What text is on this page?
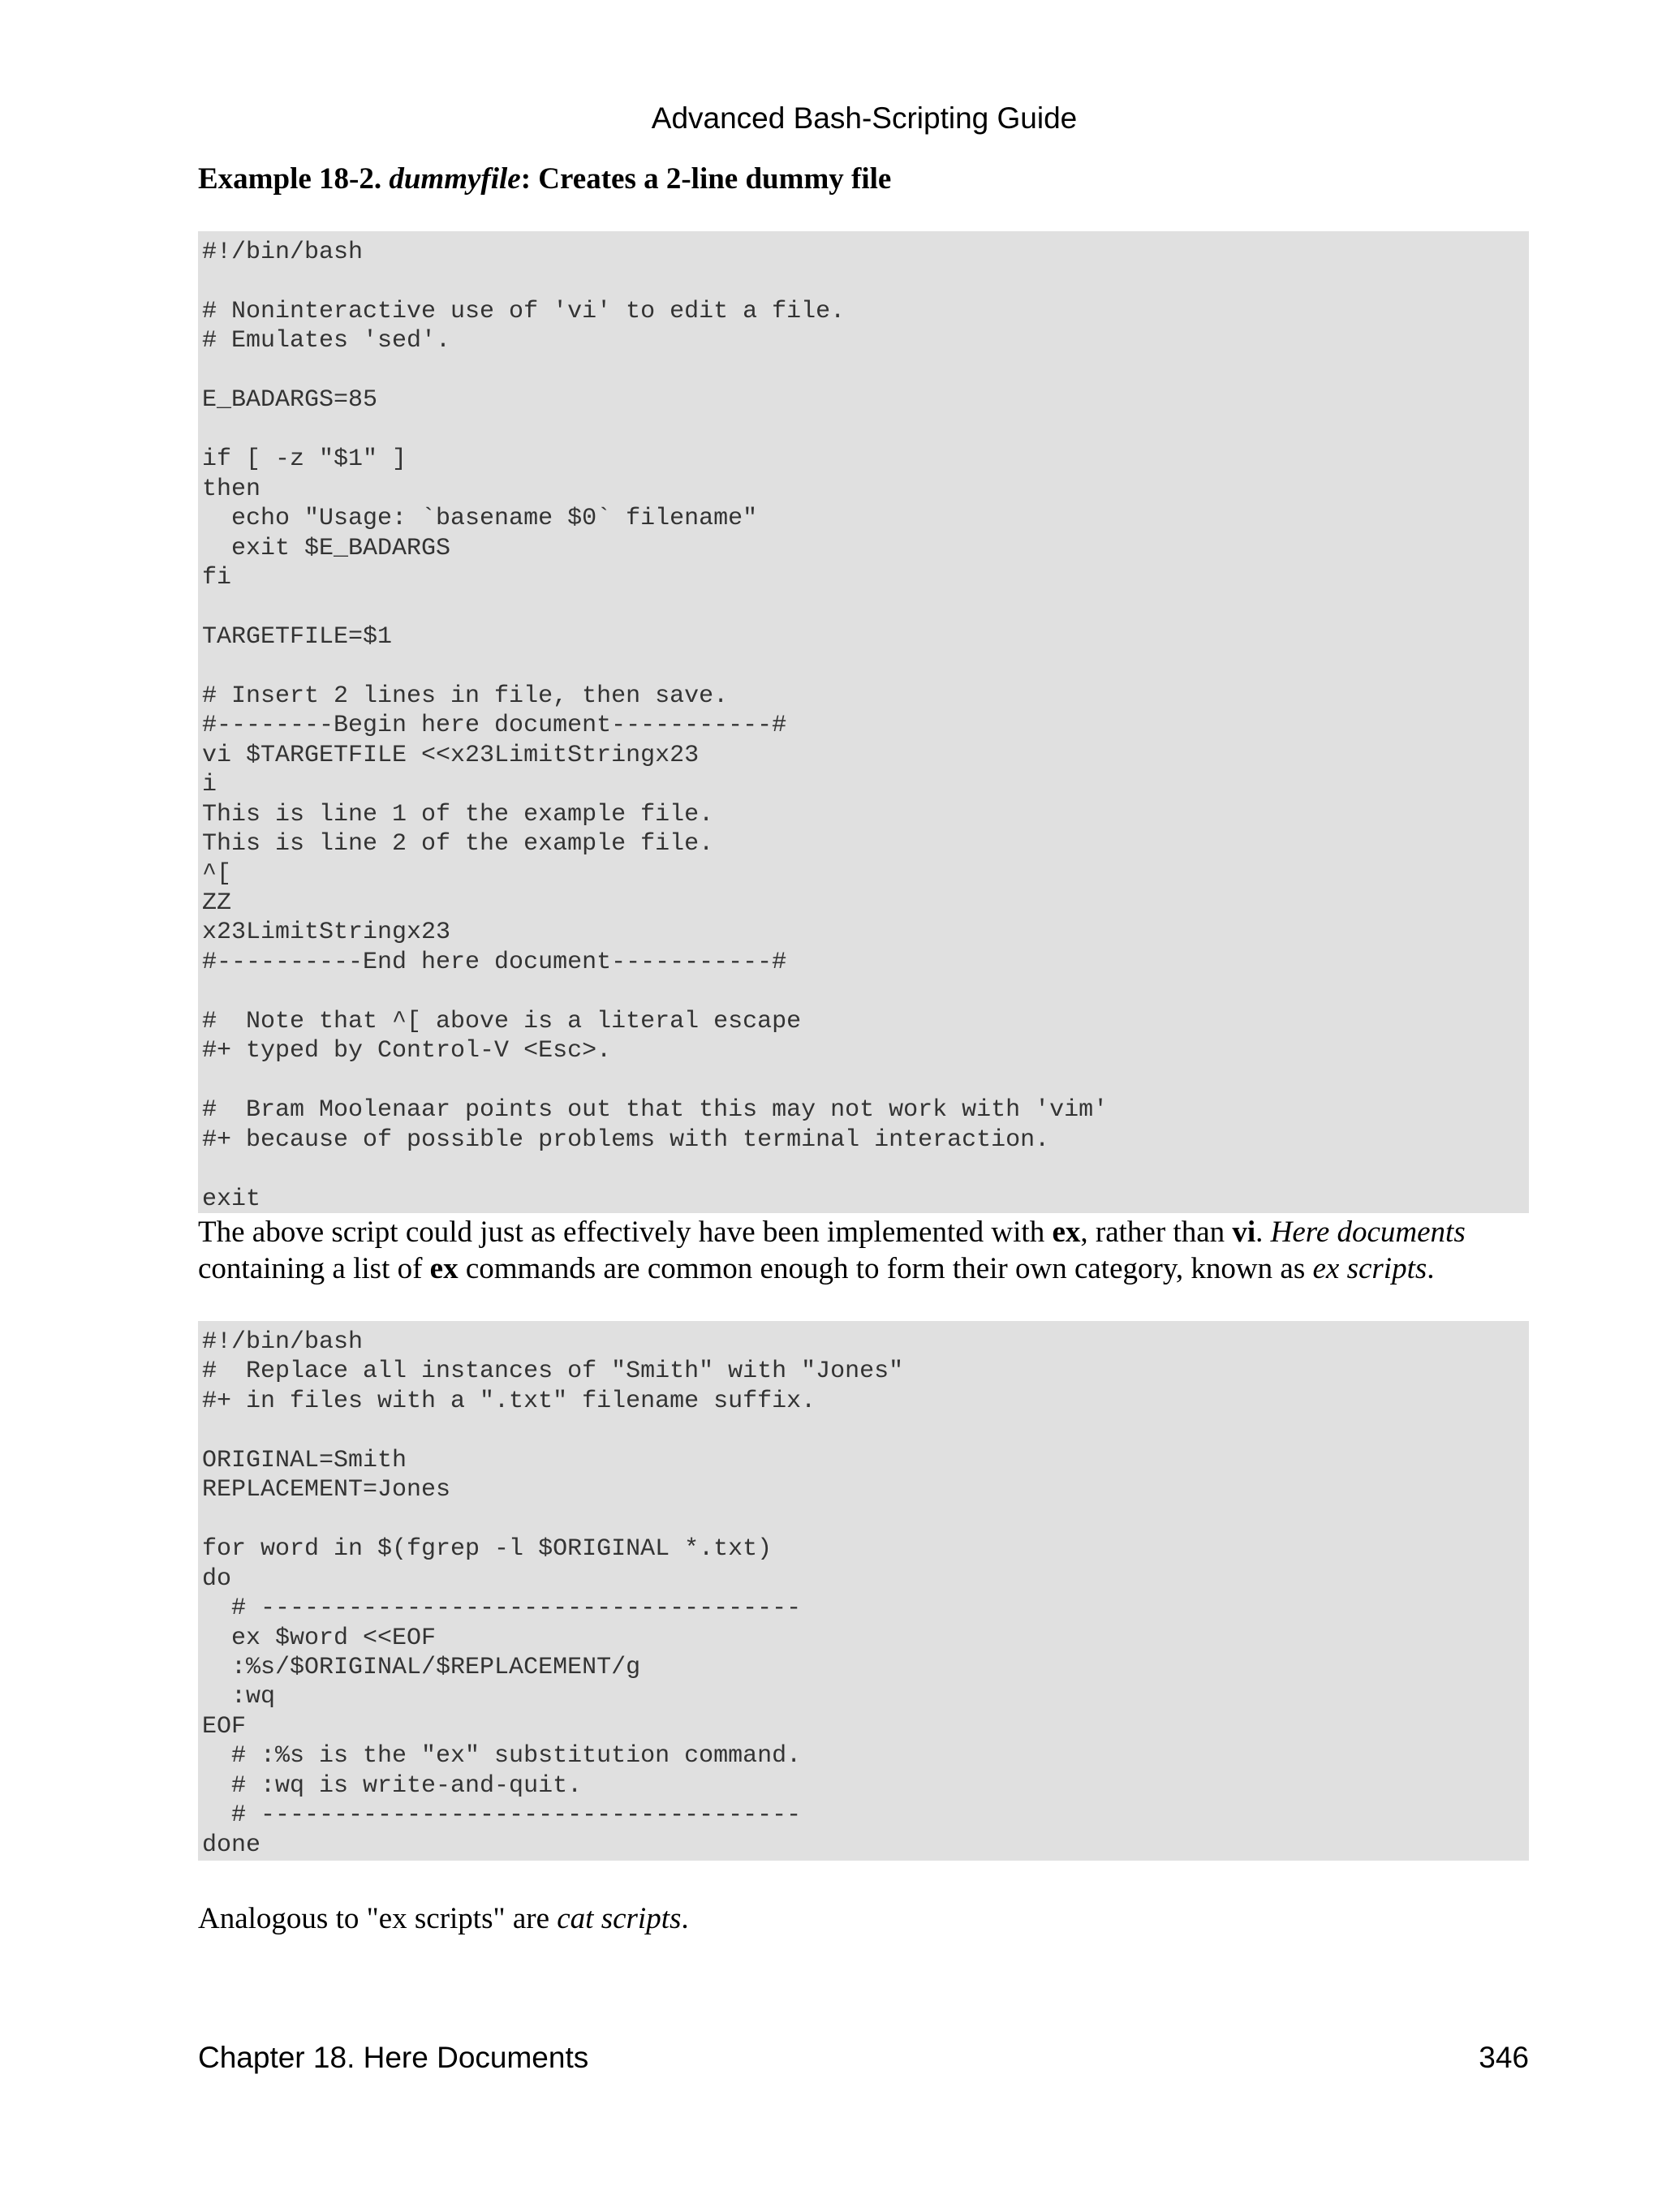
Advanced Bash-Scripting Guide
Example 18-2. dummyfile: Creates a 2-line dummy file
#!/bin/bash

# Noninteractive use of 'vi' to edit a file.
# Emulates 'sed'.

E_BADARGS=85

if [ -z "$1" ]
then
echo "Usage: `basename $0` filename"
exit $E_BADARGS
fi

TARGETFILE=$1

# Insert 2 lines in file, then save.
#--------Begin here document-----------#
vi $TARGETFILE <<x23LimitStringx23
i
This is line 1 of the example file.
This is line 2 of the example file.
^[
ZZ
x23LimitStringx23
#----------End here document-----------#

#  Note that ^[ above is a literal escape
#+ typed by Control-V <Esc>.

#  Bram Moolenaar points out that this may not work with 'vim'
#+ because of possible problems with terminal interaction.

exit
The above script could just as effectively have been implemented with ex, rather than vi. Here documents containing a list of ex commands are common enough to form their own category, known as ex scripts.
#!/bin/bash
#  Replace all instances of "Smith" with "Jones"
#+ in files with a ".txt" filename suffix.

ORIGINAL=Smith
REPLACEMENT=Jones

for word in $(fgrep -l $ORIGINAL *.txt)
do
# -------------------------------------
ex $word <<EOF
:%s/$ORIGINAL/$REPLACEMENT/g
:wq
EOF
# :%s is the "ex" substitution command.
# :wq is write-and-quit.
# -------------------------------------
done
Analogous to "ex scripts" are cat scripts.
Chapter 18. Here Documents	346
